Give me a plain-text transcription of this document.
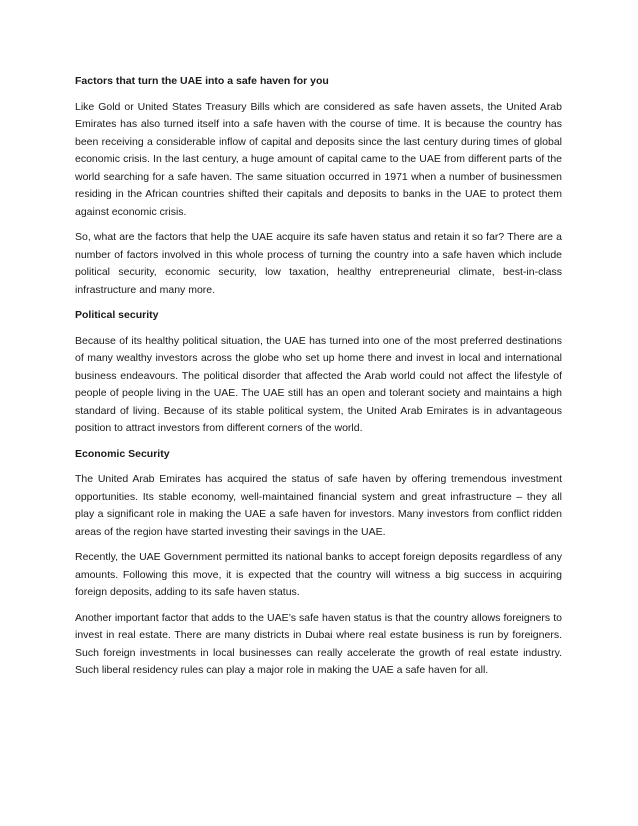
Factors that turn the UAE into a safe haven for you

Like Gold or United States Treasury Bills which are considered as safe haven assets, the United Arab Emirates has also turned itself into a safe haven with the course of time. It is because the country has been receiving a considerable inflow of capital and deposits since the last century during times of global economic crisis. In the last century, a huge amount of capital came to the UAE from different parts of the world searching for a safe haven. The same situation occurred in 1971 when a number of businessmen residing in the African countries shifted their capitals and deposits to banks in the UAE to protect them against economic crisis.

So, what are the factors that help the UAE acquire its safe haven status and retain it so far? There are a number of factors involved in this whole process of turning the country into a safe haven which include political security, economic security, low taxation, healthy entrepreneurial climate, best-in-class infrastructure and many more.

Political security

Because of its healthy political situation, the UAE has turned into one of the most preferred destinations of many wealthy investors across the globe who set up home there and invest in local and international business endeavours. The political disorder that affected the Arab world could not affect the lifestyle of people of people living in the UAE. The UAE still has an open and tolerant society and maintains a high standard of living. Because of its stable political system, the United Arab Emirates is in advantageous position to attract investors from different corners of the world.

Economic Security

The United Arab Emirates has acquired the status of safe haven by offering tremendous investment opportunities. Its stable economy, well-maintained financial system and great infrastructure – they all play a significant role in making the UAE a safe haven for investors. Many investors from conflict ridden areas of the region have started investing their savings in the UAE.

Recently, the UAE Government permitted its national banks to accept foreign deposits regardless of any amounts. Following this move, it is expected that the country will witness a big success in acquiring foreign deposits, adding to its safe haven status.

Another important factor that adds to the UAE’s safe haven status is that the country allows foreigners to invest in real estate. There are many districts in Dubai where real estate business is run by foreigners. Such foreign investments in local businesses can really accelerate the growth of real estate industry. Such liberal residency rules can play a major role in making the UAE a safe haven for all.
